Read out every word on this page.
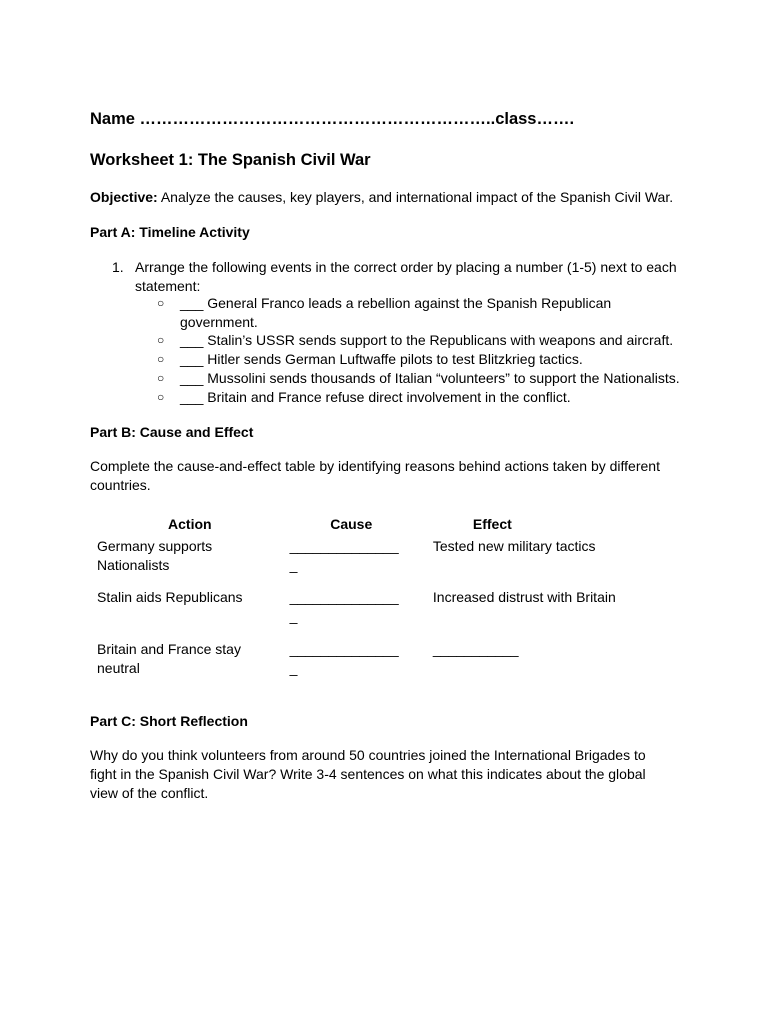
Name ………………………………………………………..class…….
Worksheet 1: The Spanish Civil War
Objective: Analyze the causes, key players, and international impact of the Spanish Civil War.
Part A: Timeline Activity
1. Arrange the following events in the correct order by placing a number (1-5) next to each statement:
○ ___ General Franco leads a rebellion against the Spanish Republican government.
○ ___ Stalin’s USSR sends support to the Republicans with weapons and aircraft.
○ ___ Hitler sends German Luftwaffe pilots to test Blitzkrieg tactics.
○ ___ Mussolini sends thousands of Italian “volunteers” to support the Nationalists.
○ ___ Britain and France refuse direct involvement in the conflict.
Part B: Cause and Effect
Complete the cause-and-effect table by identifying reasons behind actions taken by different countries.
Action	Cause	Effect

Germany supports Nationalists	______________ _	Tested new military tactics

Stalin aids Republicans	______________ _	Increased distrust with Britain

Britain and France stay neutral	______________ _	___________
Part C: Short Reflection
Why do you think volunteers from around 50 countries joined the International Brigades to fight in the Spanish Civil War? Write 3-4 sentences on what this indicates about the global view of the conflict.
